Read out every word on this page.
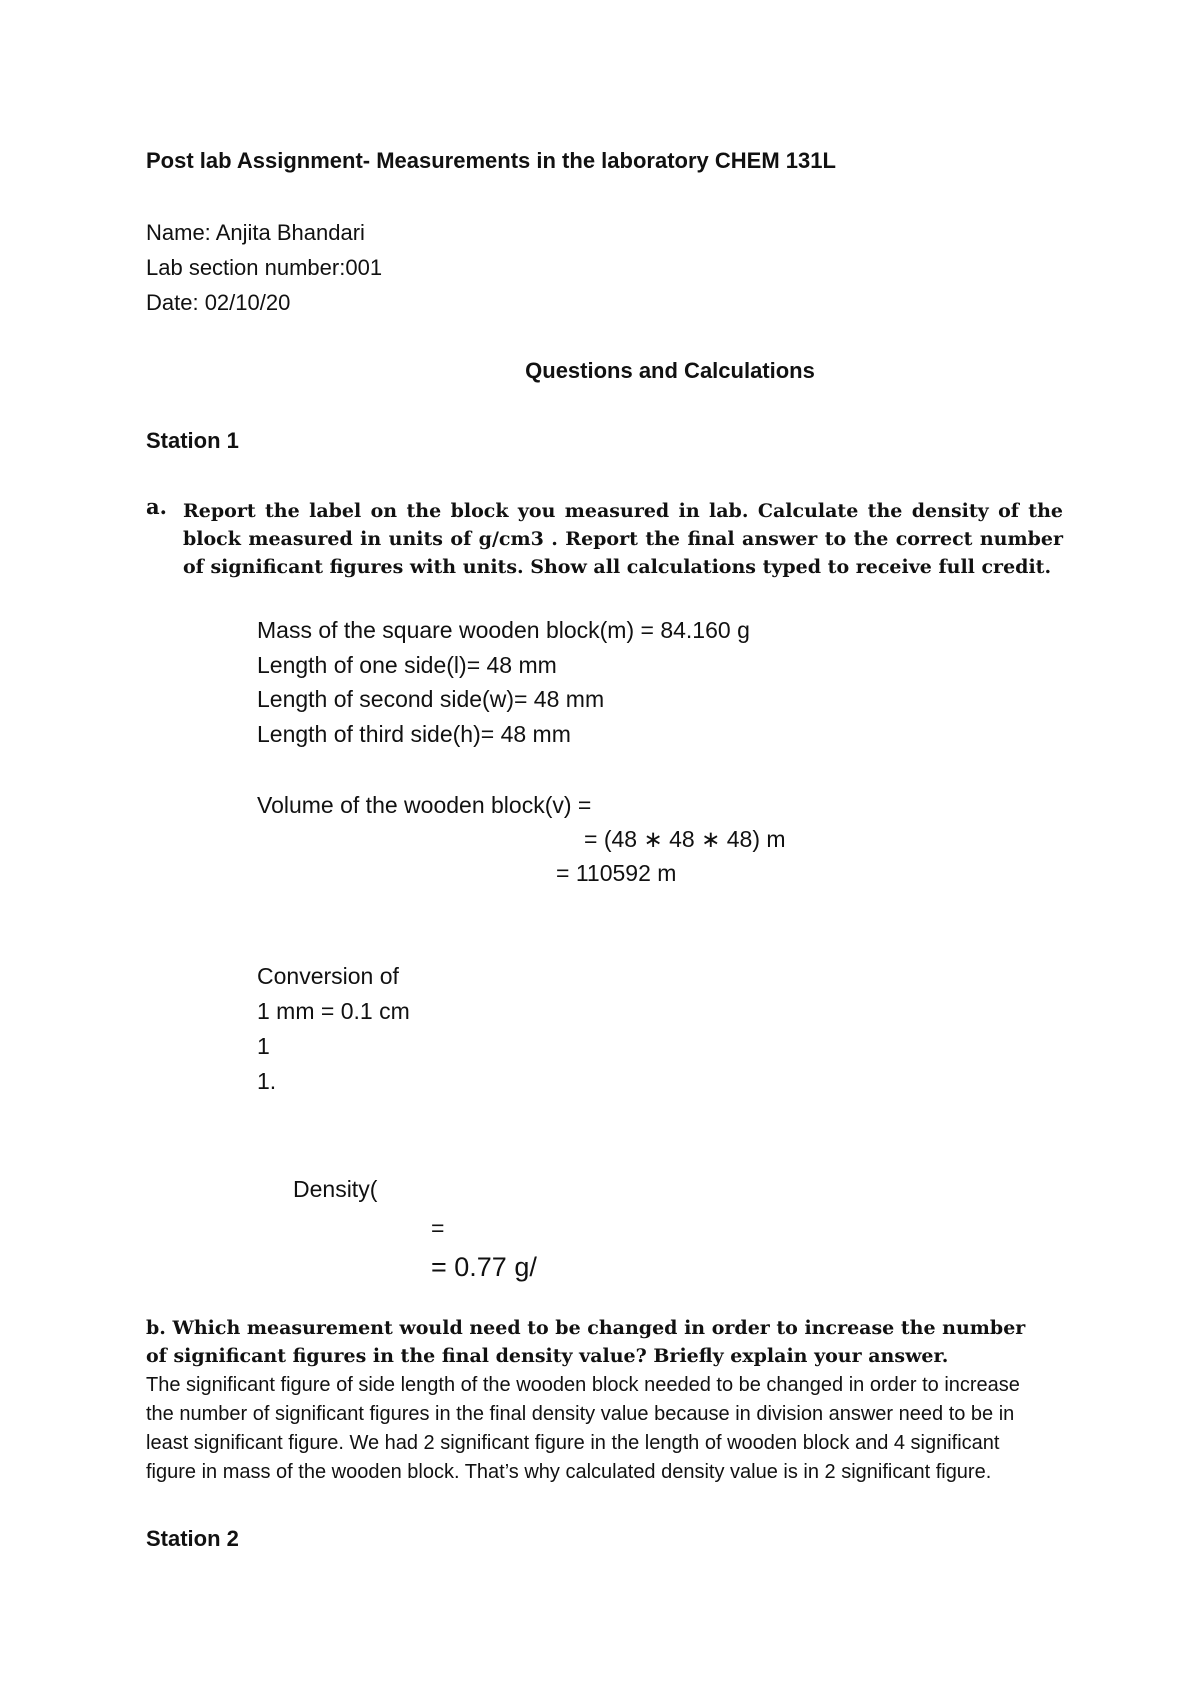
Post lab Assignment- Measurements in the laboratory CHEM 131L
Name: Anjita Bhandari
Lab section number:001
Date: 02/10/20
Questions and Calculations
Station 1
a. Report the label on the block you measured in lab. Calculate the density of the block measured in units of g/cm3 . Report the final answer to the correct number of significant figures with units. Show all calculations typed to receive full credit.
Mass of the square wooden block(m) = 84.160 g
Length of one side(l)= 48 mm
Length of second side(w)= 48 mm
Length of third side(h)= 48 mm
Volume of the wooden block(v) =
= (48 ∗ 48 ∗ 48) m
= 110592 m
Conversion of
1 mm = 0.1 cm
1
1.
Density(
=
= 0.77 g/
b. Which measurement would need to be changed in order to increase the number of significant figures in the final density value? Briefly explain your answer.
The significant figure of side length of the wooden block needed to be changed in order to increase the number of significant figures in the final density value because in division answer need to be in least significant figure. We had 2 significant figure in the length of wooden block and 4 significant figure in mass of the wooden block. That’s why calculated density value is in 2 significant figure.
Station 2
